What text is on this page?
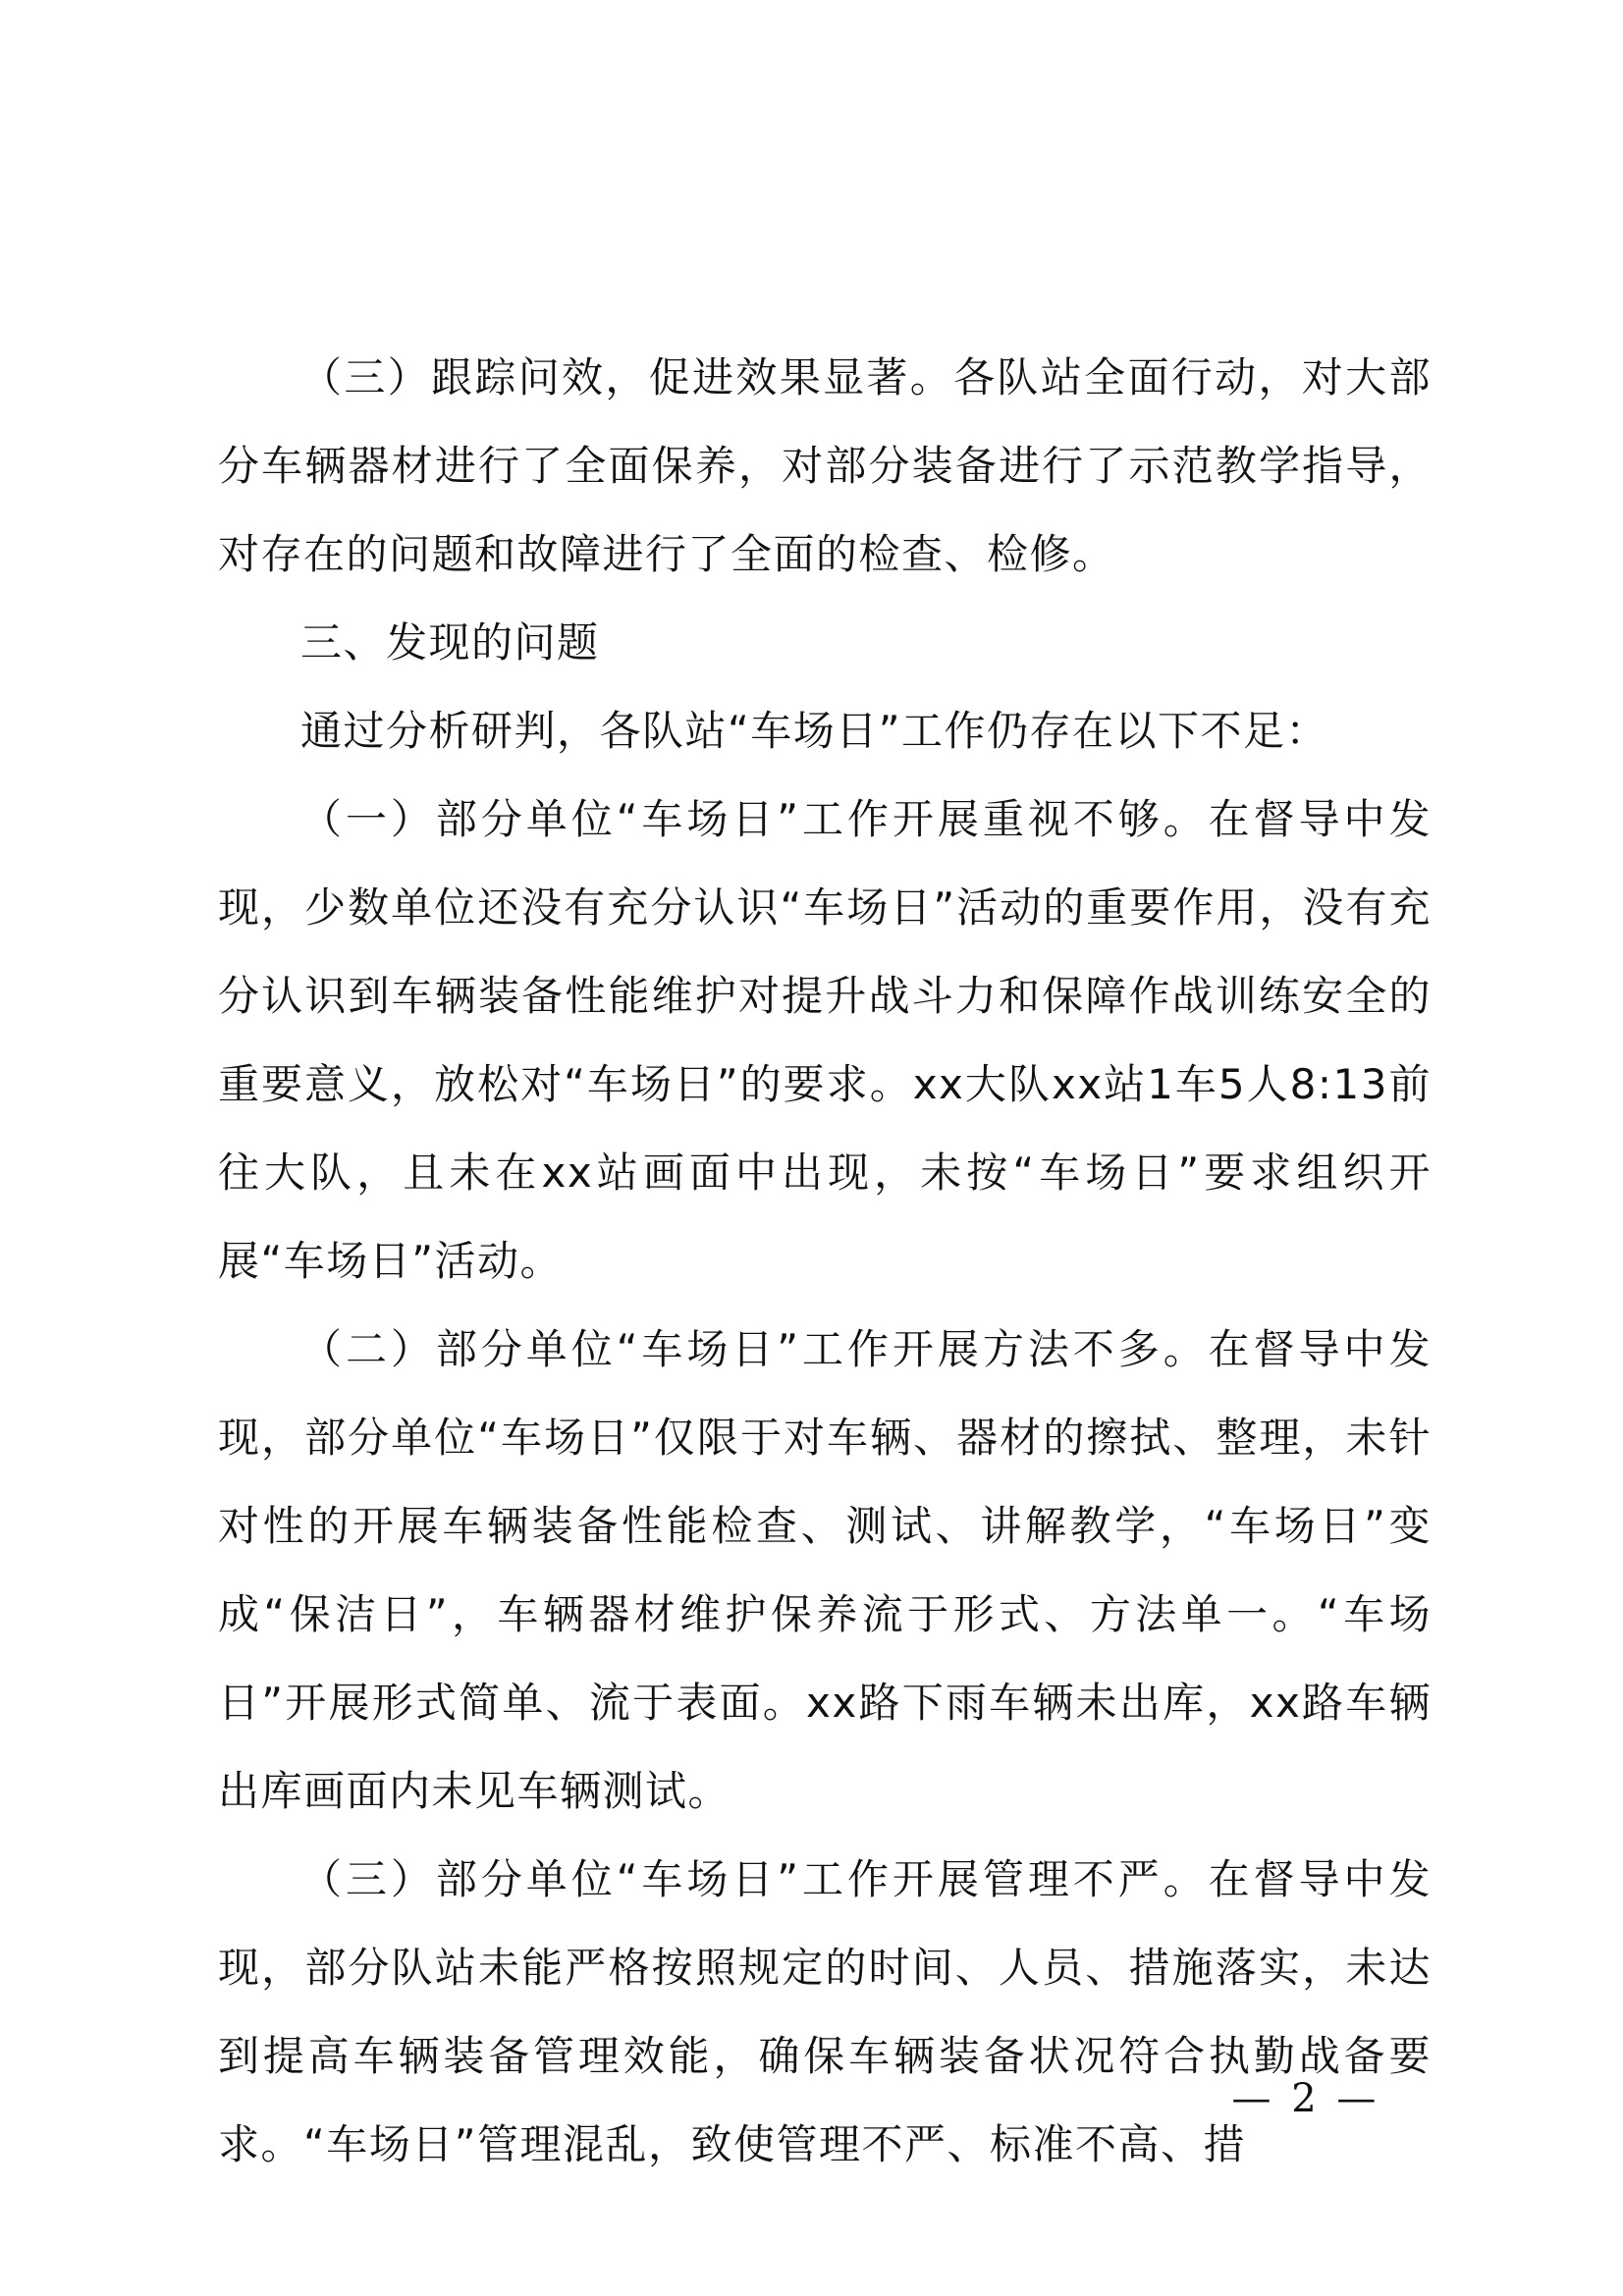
（三）跟踪问效，促进效果显著。各队站全面行动，对大部分车辆器材进行了全面保养，对部分装备进行了示范教学指导，对存在的问题和故障进行了全面的检查、检修。

三、发现的问题

通过分析研判，各队站“车场日”工作仍存在以下不足：

（一）部分单位“车场日”工作开展重视不够。在督导中发现，少数单位还没有充分认识“车场日”活动的重要作用，没有充分认识到车辆装备性能维护对提升战斗力和保障作战训练安全的重要意义，放松对“车场日”的要求。xx大队xx站1车5人8:13前往大队，且未在xx站画面中出现，未按“车场日”要求组织开展“车场日”活动。

（二）部分单位“车场日”工作开展方法不多。在督导中发现，部分单位“车场日”仅限于对车辆、器材的擦拭、整理，未针对性的开展车辆装备性能检查、测试、讲解教学，“车场日”变成“保洁日”，车辆器材维护保养流于形式、方法单一。“车场日”开展形式简单、流于表面。xx路下雨车辆未出库，xx路车辆出库画面内未见车辆测试。

（三）部分单位“车场日”工作开展管理不严。在督导中发现，部分队站未能严格按照规定的时间、人员、措施落实，未达到提高车辆装备管理效能，确保车辆装备状况符合执勤战备要求。“车场日”管理混乱，致使管理不严、标准不高、措

— 2 —
